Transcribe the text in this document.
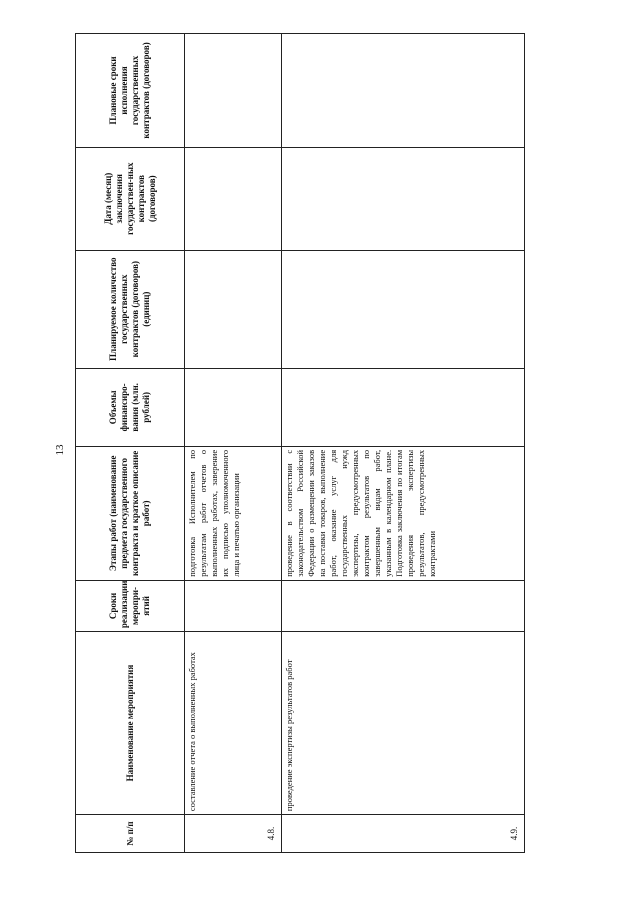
13
№ п/п	Наименование мероприятия	Сроки реализации меропри-ятий	Этапы работ (наименование предмета государственного контракта и краткое описание работ)	Объемы финансиро-вания (млн. рублей)	Планируемое количество государственных контрактов (договоров) (единиц)	Дата (месяц) заключения государствен-ных контрактов (договоров)	Плановые сроки исполнения государственных контрактов (договоров)
4.8.	составление отчета о выполненных работах		подготовка Исполнителем по результатам работ отчетов о выполненных работах, заверение их подписью уполномоченного лица и печатью организации				
4.9.	проведение экспертизы результатов работ		проведение в соответствии с законодательством Российской Федерации о размещении заказов на поставки товаров, выполнение работ, оказание услуг для государственных нужд экспертизы, предусмотренных контрактом результатов по завершенным видам работ, указанным в календарном плане. Подготовка заключения по итогам проведения экспертизы результатов, предусмотренных контрактами				
